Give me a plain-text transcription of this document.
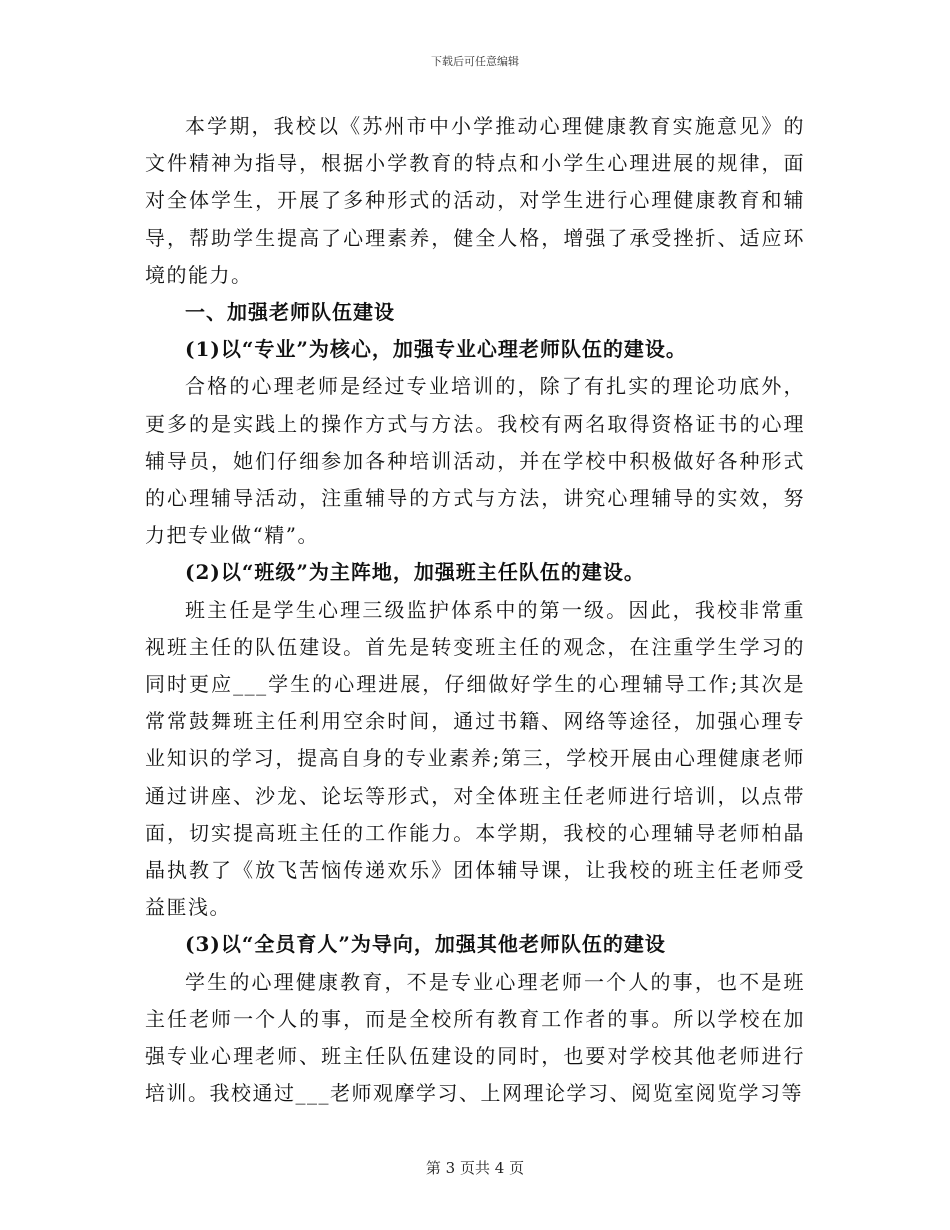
下载后可任意编辑

本学期，我校以《苏州市中小学推动心理健康教育实施意见》的文件精神为指导，根据小学教育的特点和小学生心理进展的规律，面对全体学生，开展了多种形式的活动，对学生进行心理健康教育和辅导，帮助学生提高了心理素养，健全人格，增强了承受挫折、适应环境的能力。

一、加强老师队伍建设

(1)以“专业”为核心，加强专业心理老师队伍的建设。

合格的心理老师是经过专业培训的，除了有扎实的理论功底外，更多的是实践上的操作方式与方法。我校有两名取得资格证书的心理辅导员，她们仔细参加各种培训活动，并在学校中积极做好各种形式的心理辅导活动，注重辅导的方式与方法，讲究心理辅导的实效，努力把专业做“精”。

(2)以“班级”为主阵地，加强班主任队伍的建设。

班主任是学生心理三级监护体系中的第一级。因此，我校非常重视班主任的队伍建设。首先是转变班主任的观念，在注重学生学习的同时更应___学生的心理进展，仔细做好学生的心理辅导工作;其次是常常鼓舞班主任利用空余时间，通过书籍、网络等途径，加强心理专业知识的学习，提高自身的专业素养;第三，学校开展由心理健康老师通过讲座、沙龙、论坛等形式，对全体班主任老师进行培训，以点带面，切实提高班主任的工作能力。本学期，我校的心理辅导老师柏晶晶执教了《放飞苦恼传递欢乐》团体辅导课，让我校的班主任老师受益匪浅。

(3)以“全员育人”为导向，加强其他老师队伍的建设

学生的心理健康教育，不是专业心理老师一个人的事，也不是班主任老师一个人的事，而是全校所有教育工作者的事。所以学校在加强专业心理老师、班主任队伍建设的同时，也要对学校其他老师进行培训。我校通过___老师观摩学习、上网理论学习、阅览室阅览学习等

第 3 页共 4 页
